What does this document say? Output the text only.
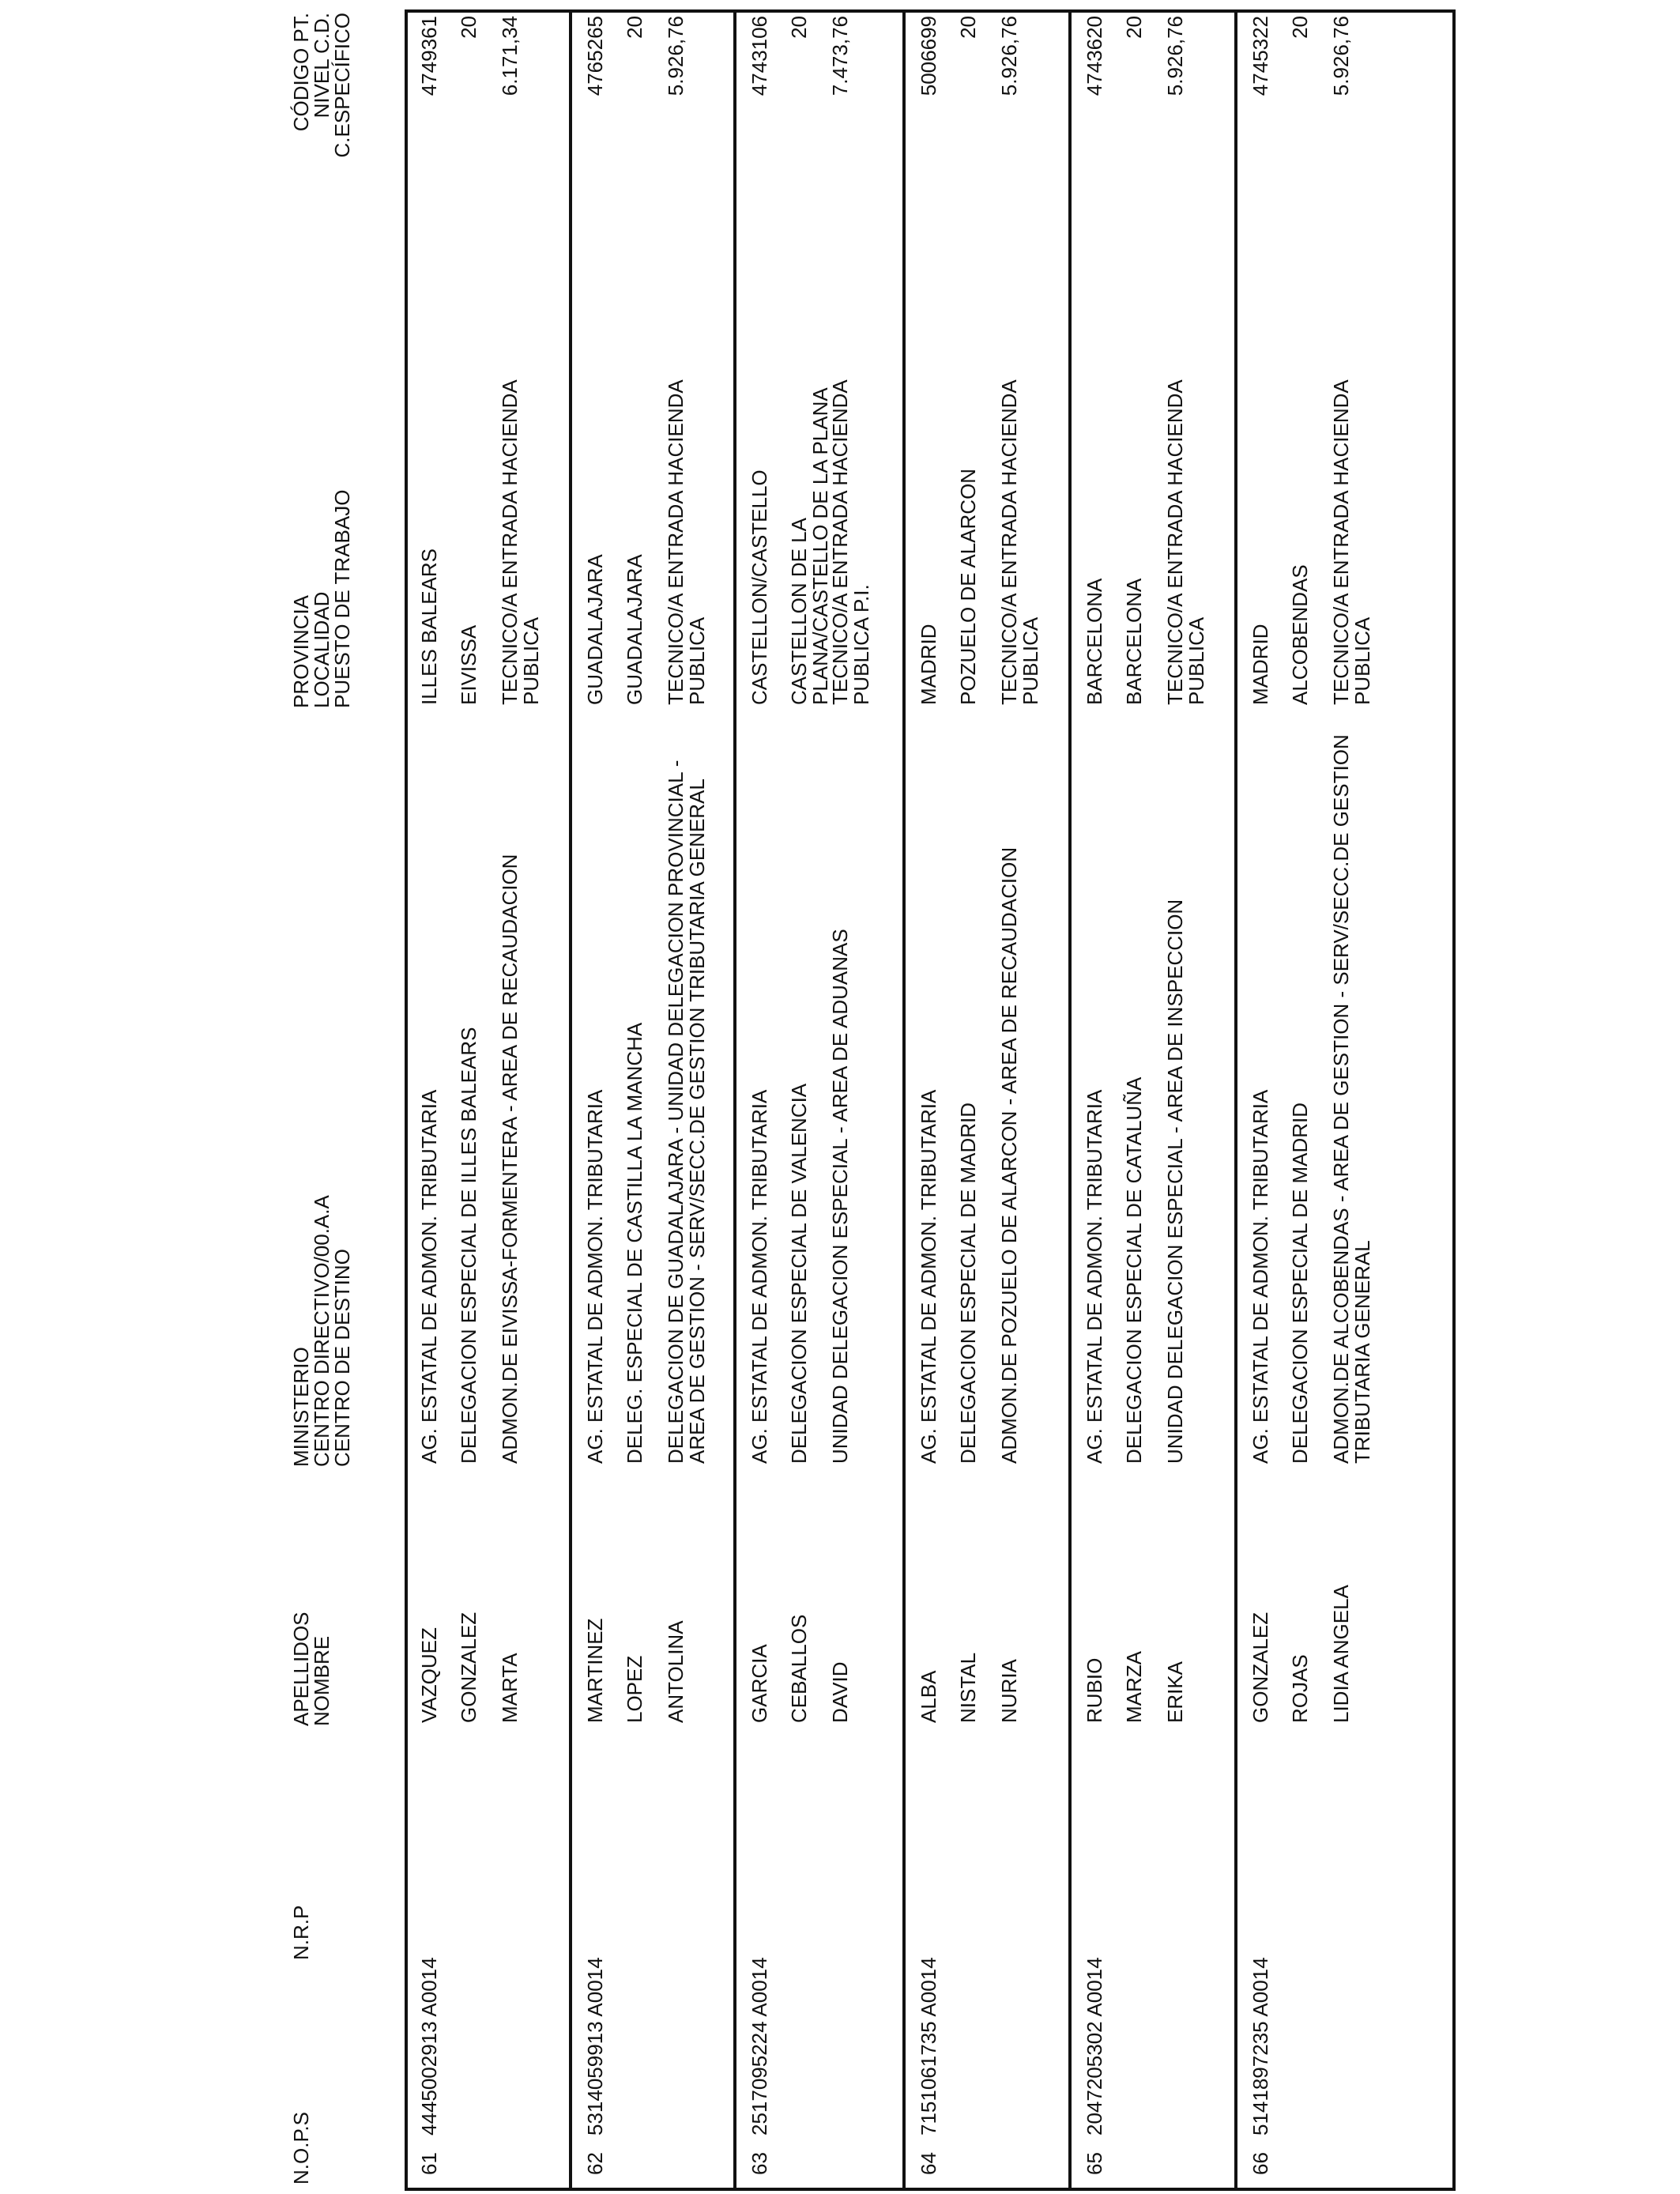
N.O.P.S
N.R.P
APELLIDOS
NOMBRE
MINISTERIO
CENTRO DIRECTIVO/00.A.A
CENTRO DE DESTINO
PROVINCIA
LOCALIDAD
PUESTO DE TRABAJO
CÓDIGO PT.
NIVEL C.D.
C.ESPECÍFICO
61
4445002913 A0014
VAZQUEZ GONZALEZ MARTA
AG. ESTATAL DE ADMON. TRIBUTARIA DELEGACION ESPECIAL DE ILLES BALEARS ADMON.DE EIVISSA-FORMENTERA - AREA DE RECAUDACION
ILLES BALEARS EIVISSA TECNICO/A ENTRADA HACIENDA
PUBLICA
4749361 20 6.171,34
62
5314059913 A0014
MARTINEZ LOPEZ ANTOLINA
AG. ESTATAL DE ADMON. TRIBUTARIA DELEG. ESPECIAL DE CASTILLA LA MANCHA DELEGACION DE GUADALAJARA - UNIDAD DELEGACION PROVINCIAL -
AREA DE GESTION - SERV/SECC.DE GESTION TRIBUTARIA GENERAL
GUADALAJARA GUADALAJARA TECNICO/A ENTRADA HACIENDA
PUBLICA
4765265 20 5.926,76
63
2517095224 A0014
GARCIA CEBALLOS DAVID
AG. ESTATAL DE ADMON. TRIBUTARIA DELEGACION ESPECIAL DE VALENCIA UNIDAD DELEGACION ESPECIAL - AREA DE ADUANAS
CASTELLON/CASTELLO CASTELLON DE LA
PLANA/CASTELLO DE LA PLANA
TECNICO/A ENTRADA HACIENDA
PUBLICA P.I.
4743106 20 7.473,76
64
7151061735 A0014
ALBA NISTAL NURIA
AG. ESTATAL DE ADMON. TRIBUTARIA DELEGACION ESPECIAL DE MADRID ADMON.DE POZUELO DE ALARCON - AREA DE RECAUDACION
MADRID POZUELO DE ALARCON TECNICO/A ENTRADA HACIENDA
PUBLICA
5006699 20 5.926,76
65
2047205302 A0014
RUBIO MARZA ERIKA
AG. ESTATAL DE ADMON. TRIBUTARIA DELEGACION ESPECIAL DE CATALUÑA UNIDAD DELEGACION ESPECIAL - AREA DE INSPECCION
BARCELONA BARCELONA TECNICO/A ENTRADA HACIENDA
PUBLICA
4743620 20 5.926,76
66
5141897235 A0014
GONZALEZ ROJAS LIDIA ANGELA
AG. ESTATAL DE ADMON. TRIBUTARIA DELEGACION ESPECIAL DE MADRID ADMON.DE ALCOBENDAS - AREA DE GESTION - SERV/SECC.DE GESTION
TRIBUTARIA GENERAL
MADRID ALCOBENDAS TECNICO/A ENTRADA HACIENDA
PUBLICA
4745322 20 5.926,76
